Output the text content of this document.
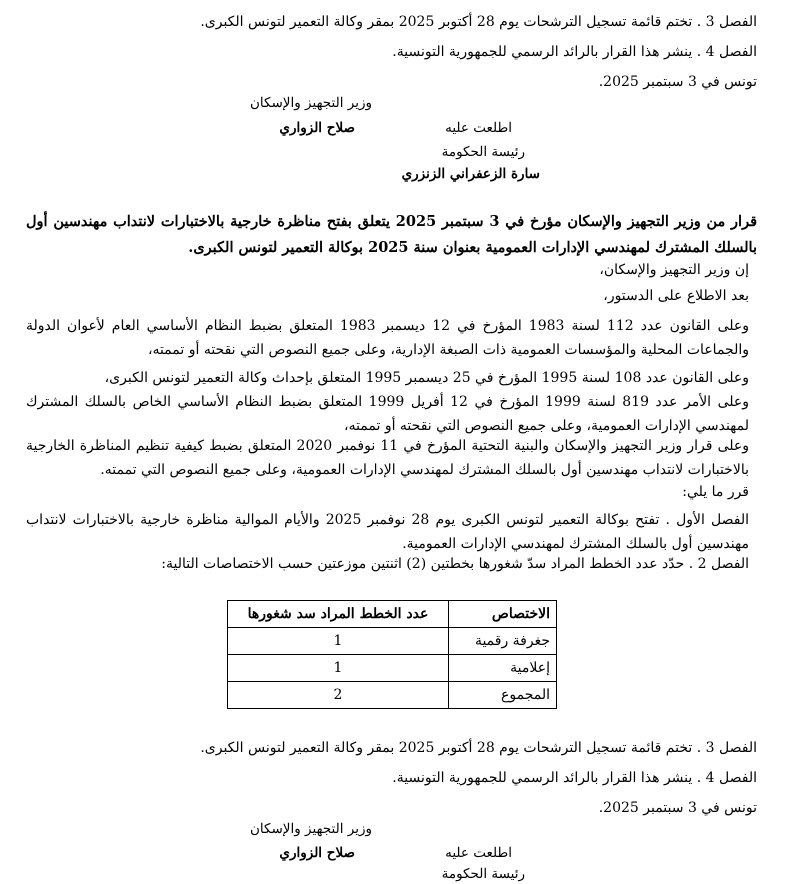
الفصل 3 . تختم قائمة تسجيل الترشحات يوم 28 أكتوبر 2025 بمقر وكالة التعمير لتونس الكبرى.
الفصل 4 . ينشر هذا القرار بالرائد الرسمي للجمهورية التونسية.
تونس في 3 سبتمبر 2025.
وزير التجهيز والإسكان
اطلعت عليه
صلاح الزواري
رئيسة الحكومة
سارة الزعفراني الزنزري
قرار من وزير التجهيز والإسكان مؤرخ في 3 سبتمبر 2025 يتعلق بفتح مناظرة خارجية بالاختبارات لانتداب مهندسين أول بالسلك المشترك لمهندسي الإدارات العمومية بعنوان سنة 2025 بوكالة التعمير لتونس الكبرى.
إن وزير التجهيز والإسكان،
بعد الاطلاع على الدستور،
وعلى القانون عدد 112 لسنة 1983 المؤرخ في 12 ديسمبر 1983 المتعلق بضبط النظام الأساسي العام لأعوان الدولة والجماعات المحلية والمؤسسات العمومية ذات الصبغة الإدارية، وعلى جميع النصوص التي نقحته أو تممته،
وعلى القانون عدد 108 لسنة 1995 المؤرخ في 25 ديسمبر 1995 المتعلق بإحداث وكالة التعمير لتونس الكبرى،
وعلى الأمر عدد 819 لسنة 1999 المؤرخ في 12 أفريل 1999 المتعلق بضبط النظام الأساسي الخاص بالسلك المشترك لمهندسي الإدارات العمومية، وعلى جميع النصوص التي نقحته أو تممته،
وعلى قرار وزير التجهيز والإسكان والبنية التحتية المؤرخ في 11 نوفمبر 2020 المتعلق بضبط كيفية تنظيم المناظرة الخارجية بالاختبارات لانتداب مهندسين أول بالسلك المشترك لمهندسي الإدارات العمومية، وعلى جميع النصوص التي تممته.
قرر ما يلي:
الفصل الأول . تفتح بوكالة التعمير لتونس الكبرى يوم 28 نوفمبر 2025 والأيام الموالية مناظرة خارجية بالاختبارات لانتداب مهندسين أول بالسلك المشترك لمهندسي الإدارات العمومية.
الفصل 2 . حدّد عدد الخطط المراد سدّ شغورها بخطتين (2) اثنتين موزعتين حسب الاختصاصات التالية:
الاختصاص	عدد الخطط المراد سد شغورها
جغرفة رقمية	1
إعلامية	1
المجموع	2
الفصل 3 . تختم قائمة تسجيل الترشحات يوم 28 أكتوبر 2025 بمقر وكالة التعمير لتونس الكبرى.
الفصل 4 . ينشر هذا القرار بالرائد الرسمي للجمهورية التونسية.
تونس في 3 سبتمبر 2025.
وزير التجهيز والإسكان
اطلعت عليه
صلاح الزواري
رئيسة الحكومة
